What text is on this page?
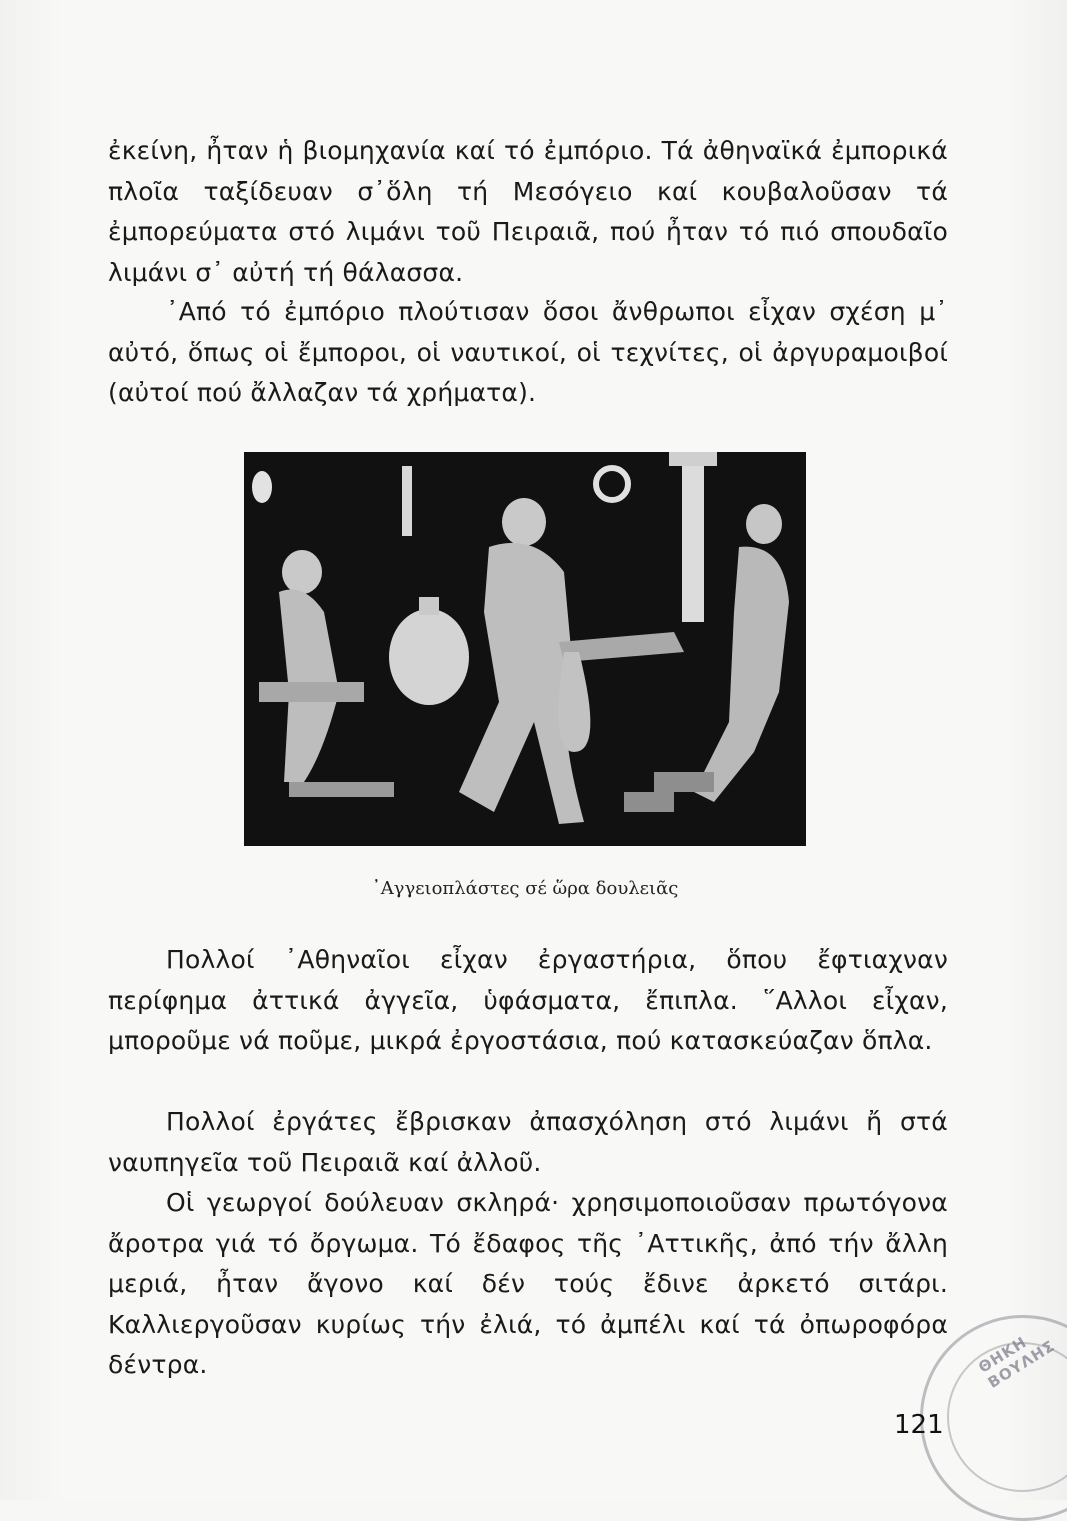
ἐκείνη, ἦταν ἡ βιομηχανία καί τό ἐμπόριο. Τά ἀθηναϊκά ἐμπορικά πλοῖα ταξίδευαν σ᾽ὅλη τή Μεσόγειο καί κουβαλοῦσαν τά ἐμπορεύματα στό λιμάνι τοῦ Πειραιᾶ, πού ἦταν τό πιό σπουδαῖο λιμάνι σ᾽ αὐτή τή θάλασσα.

᾽Από τό ἐμπόριο πλούτισαν ὅσοι ἄνθρωποι εἶχαν σχέση μ᾽ αὐτό, ὅπως οἱ ἔμποροι, οἱ ναυτικοί, οἱ τεχνίτες, οἱ ἀργυραμοιβοί (αὐτοί πού ἄλλαζαν τά χρήματα).

᾽Αγγειοπλάστες σέ ὥρα δουλειᾶς

Πολλοί ᾽Αθηναῖοι εἶχαν ἐργαστήρια, ὅπου ἔφτιαχναν περίφημα ἀττικά ἀγγεῖα, ὑφάσματα, ἔπιπλα. ῞Αλλοι εἶχαν, μποροῦμε νά ποῦμε, μικρά ἐργοστάσια, πού κατασκεύαζαν ὅπλα.

Πολλοί ἐργάτες ἔβρισκαν ἀπασχόληση στό λιμάνι ἤ στά ναυπηγεῖα τοῦ Πειραιᾶ καί ἀλλοῦ.

Οἱ γεωργοί δούλευαν σκληρά· χρησιμοποιοῦσαν πρωτόγονα ἄροτρα γιά τό ὄργωμα. Τό ἔδαφος τῆς ᾽Αττικῆς, ἀπό τήν ἄλλη μεριά, ἦταν ἄγονο καί δέν τούς ἔδινε ἀρκετό σιτάρι. Καλλιεργοῦσαν κυρίως τήν ἐλιά, τό ἀμπέλι καί τά ὀπωροφόρα δέντρα.	ΘΗΚΗ ΒΟΥΛΗΣ
121
